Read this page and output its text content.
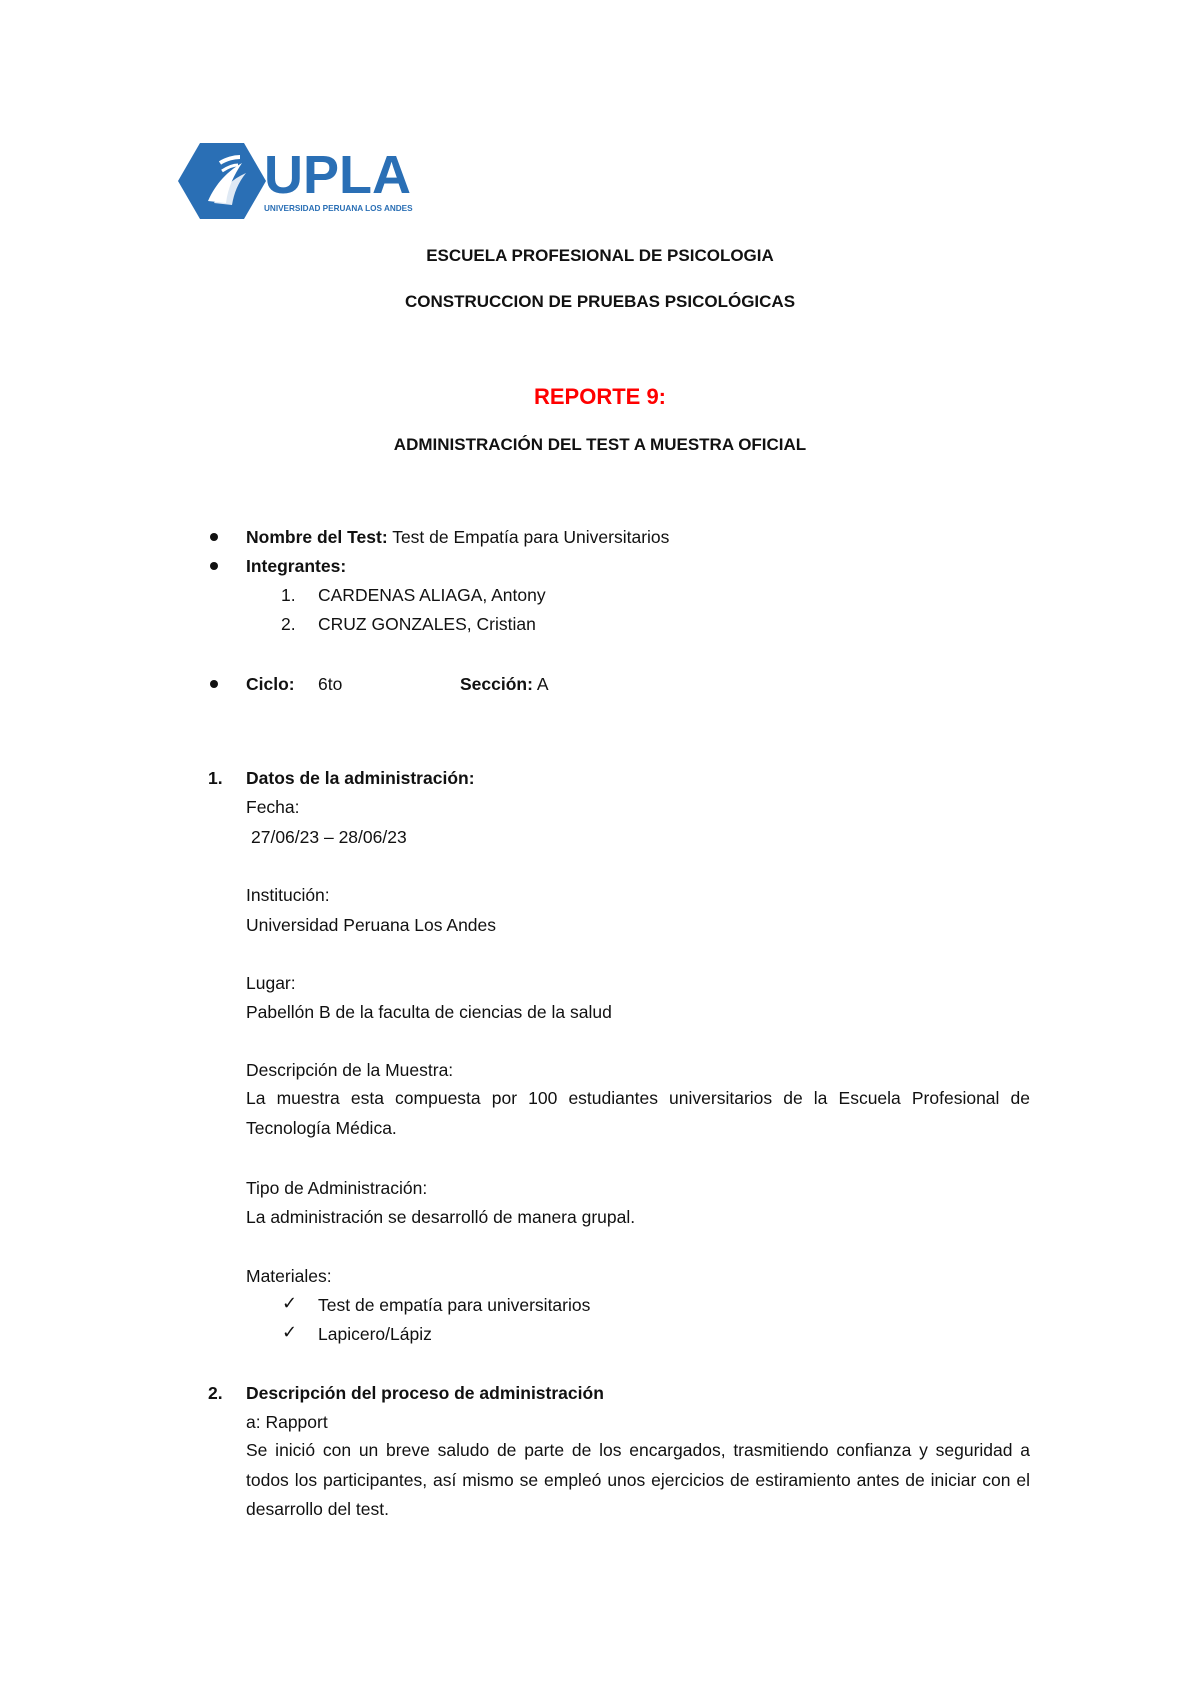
UPLA
UNIVERSIDAD PERUANA LOS ANDES
ESCUELA PROFESIONAL DE PSICOLOGIA
CONSTRUCCION DE PRUEBAS PSICOLÓGICAS
REPORTE 9:
ADMINISTRACIÓN DEL TEST A MUESTRA OFICIAL
Nombre del Test: Test de Empatía para Universitarios
Integrantes:
1. CARDENAS ALIAGA, Antony
2. CRUZ GONZALES, Cristian
Ciclo: 6to	Sección: A
1. Datos de la administración:
Fecha:
27/06/23 – 28/06/23
Institución:
Universidad Peruana Los Andes
Lugar:
Pabellón B de la faculta de ciencias de la salud
Descripción de la Muestra:
La muestra esta compuesta por 100 estudiantes universitarios de la Escuela Profesional de Tecnología Médica.
Tipo de Administración:
La administración se desarrolló de manera grupal.
Materiales:
✓ Test de empatía para universitarios
✓ Lapicero/Lápiz
2. Descripción del proceso de administración
a: Rapport
Se inició con un breve saludo de parte de los encargados, trasmitiendo confianza y seguridad a todos los participantes, así mismo se empleó unos ejercicios de estiramiento antes de iniciar con el desarrollo del test.
